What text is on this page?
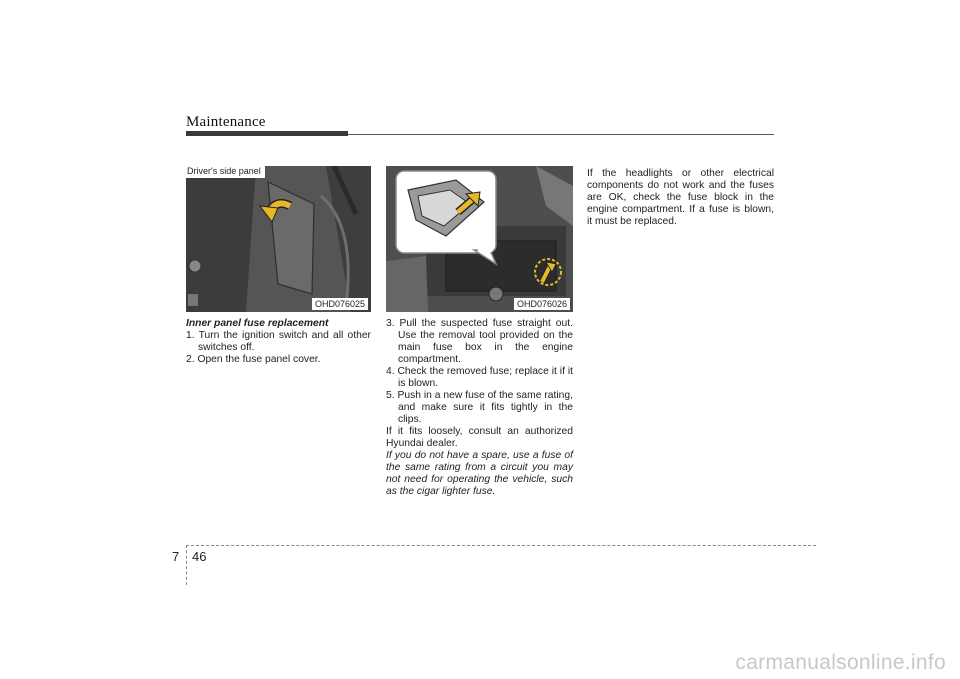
Maintenance
Driver's side panel
OHD076025	OHD076026

Inner panel fuse replacement

1. Turn the ignition switch and all other switches off.

2. Open the fuse panel cover.

3. Pull the suspected fuse straight out. Use the removal tool provided on the main fuse box in the engine compartment.

4. Check the removed fuse; replace it if it is blown.

5. Push in a new fuse of the same rating, and make sure it fits tightly in the clips.

If it fits loosely, consult an authorized Hyundai dealer.

If you do not have a spare, use a fuse of the same rating from a circuit you may not need for operating the vehicle, such as the cigar lighter fuse.

If the headlights or other electrical components do not work and the fuses are OK, check the fuse block in the engine compartment. If a fuse is blown, it must be replaced.

7 46
carmanualsonline.info
